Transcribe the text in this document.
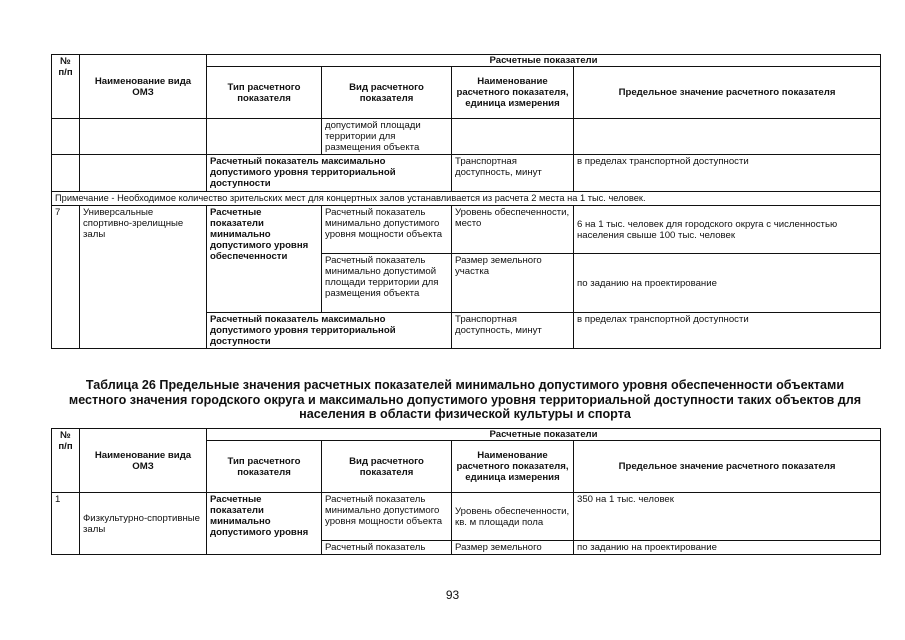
№ п/п	Наименование вида ОМЗ	Расчетные показатели			
		Тип расчетного показателя	Вид расчетного показателя	Наименование расчетного показателя, единица измерения	Предельное значение расчетного показателя
			допустимой площади территории для размещения объекта		
		Расчетный показатель максимально допустимого уровня территориальной доступности		Транспортная доступность, минут	в пределах транспортной доступности
Примечание - Необходимое количество зрительских мест для концертных залов устанавливается из расчета 2 места на 1 тыс. человек.					
7	Универсальные спортивно-зрелищные залы	Расчетные показатели минимально допустимого уровня обеспеченности	Расчетный показатель минимально допустимого уровня мощности объекта	Уровень обеспеченности, место	6 на 1 тыс. человек для городского округа с численностью населения свыше 100 тыс. человек
			Расчетный показатель минимально допустимой площади территории для размещения объекта	Размер земельного участка	по заданию на проектирование
		Расчетный показатель максимально допустимого уровня территориальной доступности		Транспортная доступность, минут	в пределах транспортной доступности
Таблица 26 Предельные значения расчетных показателей минимально допустимого уровня обеспеченности объектами местного значения городского округа и максимально допустимого уровня территориальной доступности таких объектов для населения в области физической культуры и спорта
№ п/п	Наименование вида ОМЗ	Расчетные показатели			
		Тип расчетного показателя	Вид расчетного показателя	Наименование расчетного показателя, единица измерения	Предельное значение расчетного показателя
1	Физкультурно-спортивные залы	Расчетные показатели минимально допустимого уровня	Расчетный показатель минимально допустимого уровня мощности объекта	Уровень обеспеченности, кв. м площади пола	350 на 1 тыс. человек
			Расчетный показатель	Размер земельного	по заданию на проектирование
93
